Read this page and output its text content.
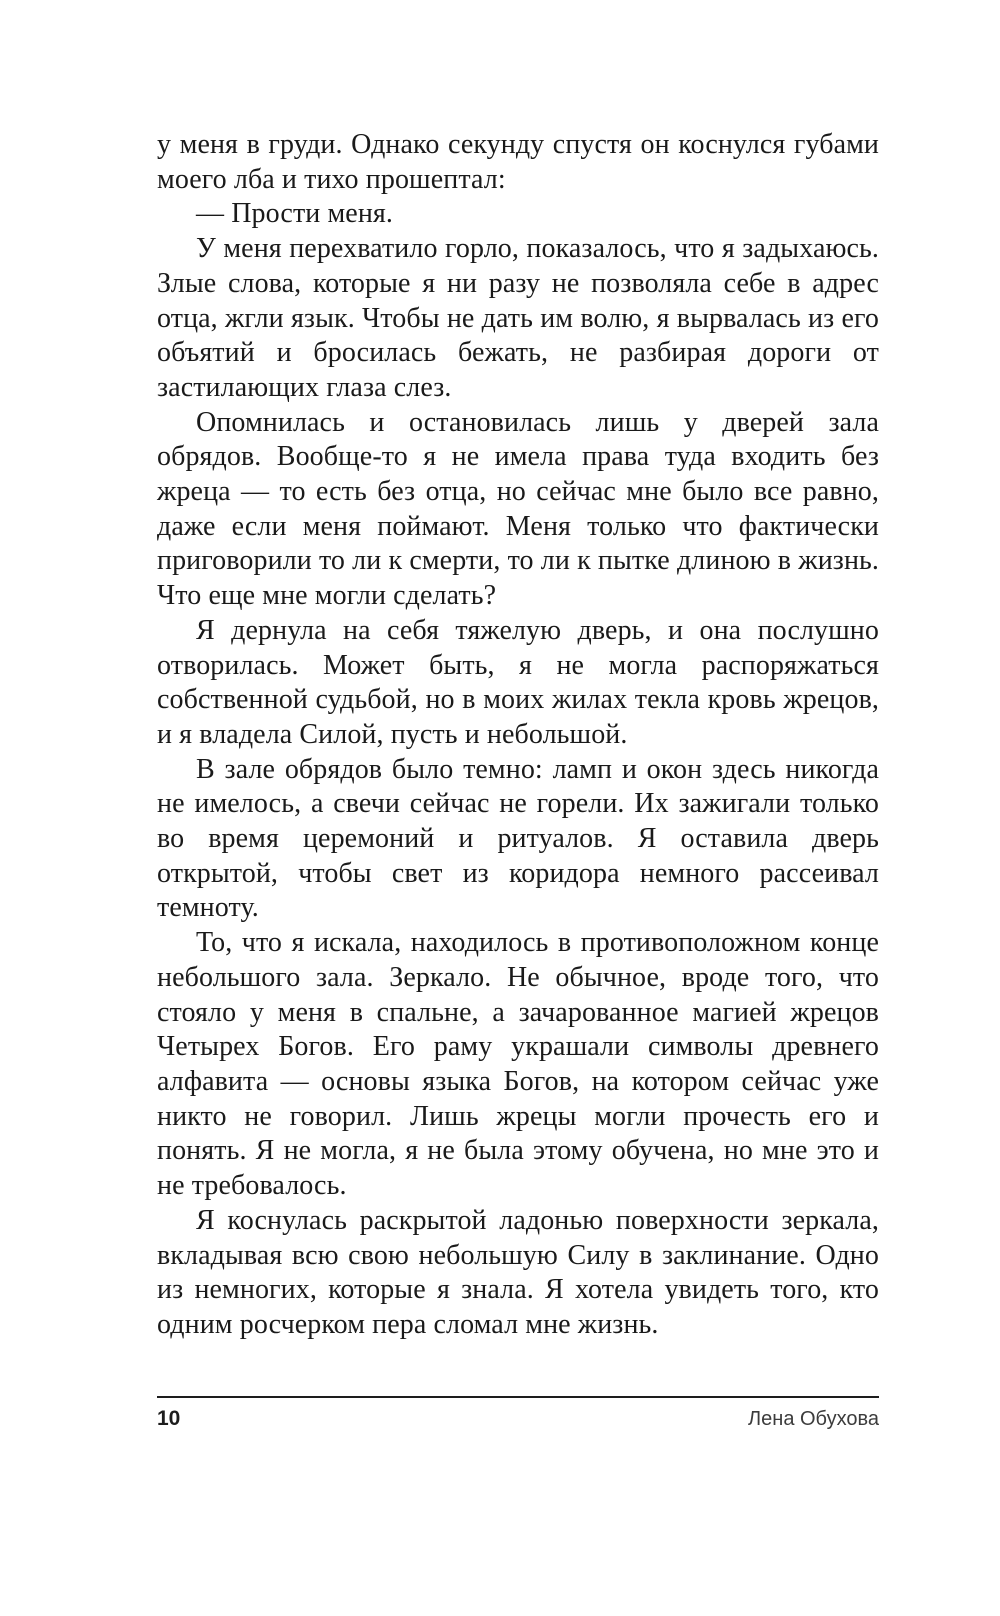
у меня в груди. Однако секунду спустя он коснулся губами моего лба и тихо прошептал:

— Прости меня.

У меня перехватило горло, показалось, что я задыхаюсь. Злые слова, которые я ни разу не позволяла себе в адрес отца, жгли язык. Чтобы не дать им волю, я вырвалась из его объятий и бросилась бежать, не разбирая дороги от застилающих глаза слез.

Опомнилась и остановилась лишь у дверей зала обрядов. Вообще-то я не имела права туда входить без жреца — то есть без отца, но сейчас мне было все равно, даже если меня поймают. Меня только что фактически приговорили то ли к смерти, то ли к пытке длиною в жизнь. Что еще мне могли сделать?

Я дернула на себя тяжелую дверь, и она послушно отворилась. Может быть, я не могла распоряжаться собственной судьбой, но в моих жилах текла кровь жрецов, и я владела Силой, пусть и небольшой.

В зале обрядов было темно: ламп и окон здесь никогда не имелось, а свечи сейчас не горели. Их зажигали только во время церемоний и ритуалов. Я оставила дверь открытой, чтобы свет из коридора немного рассеивал темноту.

То, что я искала, находилось в противоположном конце небольшого зала. Зеркало. Не обычное, вроде того, что стояло у меня в спальне, а зачарованное магией жрецов Четырех Богов. Его раму украшали символы древнего алфавита — основы языка Богов, на котором сейчас уже никто не говорил. Лишь жрецы могли прочесть его и понять. Я не могла, я не была этому обучена, но мне это и не требовалось.

Я коснулась раскрытой ладонью поверхности зеркала, вкладывая всю свою небольшую Силу в заклинание. Одно из немногих, которые я знала. Я хотела увидеть того, кто одним росчерком пера сломал мне жизнь.

10	Лена Обухова
